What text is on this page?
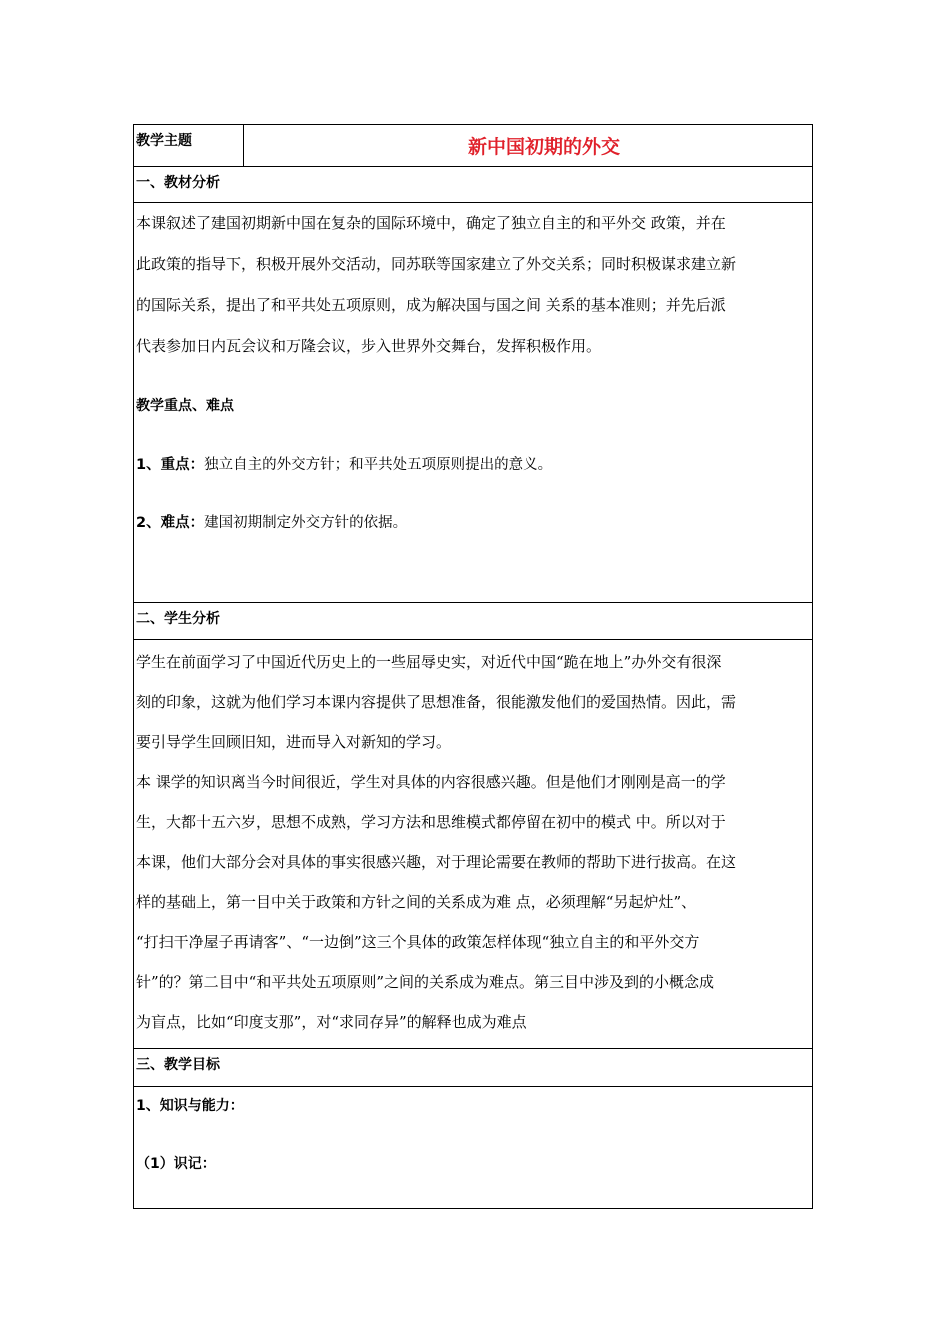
教学主题	新中国初期的外交
一、教材分析

本课叙述了建国初期新中国在复杂的国际环境中，确定了独立自主的和平外交 政策，并在

此政策的指导下，积极开展外交活动，同苏联等国家建立了外交关系；同时积极谋求建立新

的国际关系，提出了和平共处五项原则，成为解决国与国之间 关系的基本准则；并先后派

代表参加日内瓦会议和万隆会议，步入世界外交舞台，发挥积极作用。

教学重点、难点
1、重点：独立自主的外交方针；和平共处五项原则提出的意义。
2、难点：建国初期制定外交方针的依据。
二、学生分析

学生在前面学习了中国近代历史上的一些屈辱史实，对近代中国“跪在地上”办外交有很深

刻的印象，这就为他们学习本课内容提供了思想准备，很能激发他们的爱国热情。因此，需

要引导学生回顾旧知，进而导入对新知的学习。

本 课学的知识离当今时间很近，学生对具体的内容很感兴趣。但是他们才刚刚是高一的学

生，大都十五六岁，思想不成熟，学习方法和思维模式都停留在初中的模式 中。所以对于

本课，他们大部分会对具体的事实很感兴趣，对于理论需要在教师的帮助下进行拔高。在这

样的基础上，第一目中关于政策和方针之间的关系成为难 点，必须理解“另起炉灶”、

“打扫干净屋子再请客”、“一边倒”这三个具体的政策怎样体现“独立自主的和平外交方

针”的？第二目中“和平共处五项原则”之间的关系成为难点。第三目中涉及到的小概念成

为盲点，比如“印度支那”，对“求同存异”的解释也成为难点

三、教学目标
1、知识与能力：
（1）识记：
